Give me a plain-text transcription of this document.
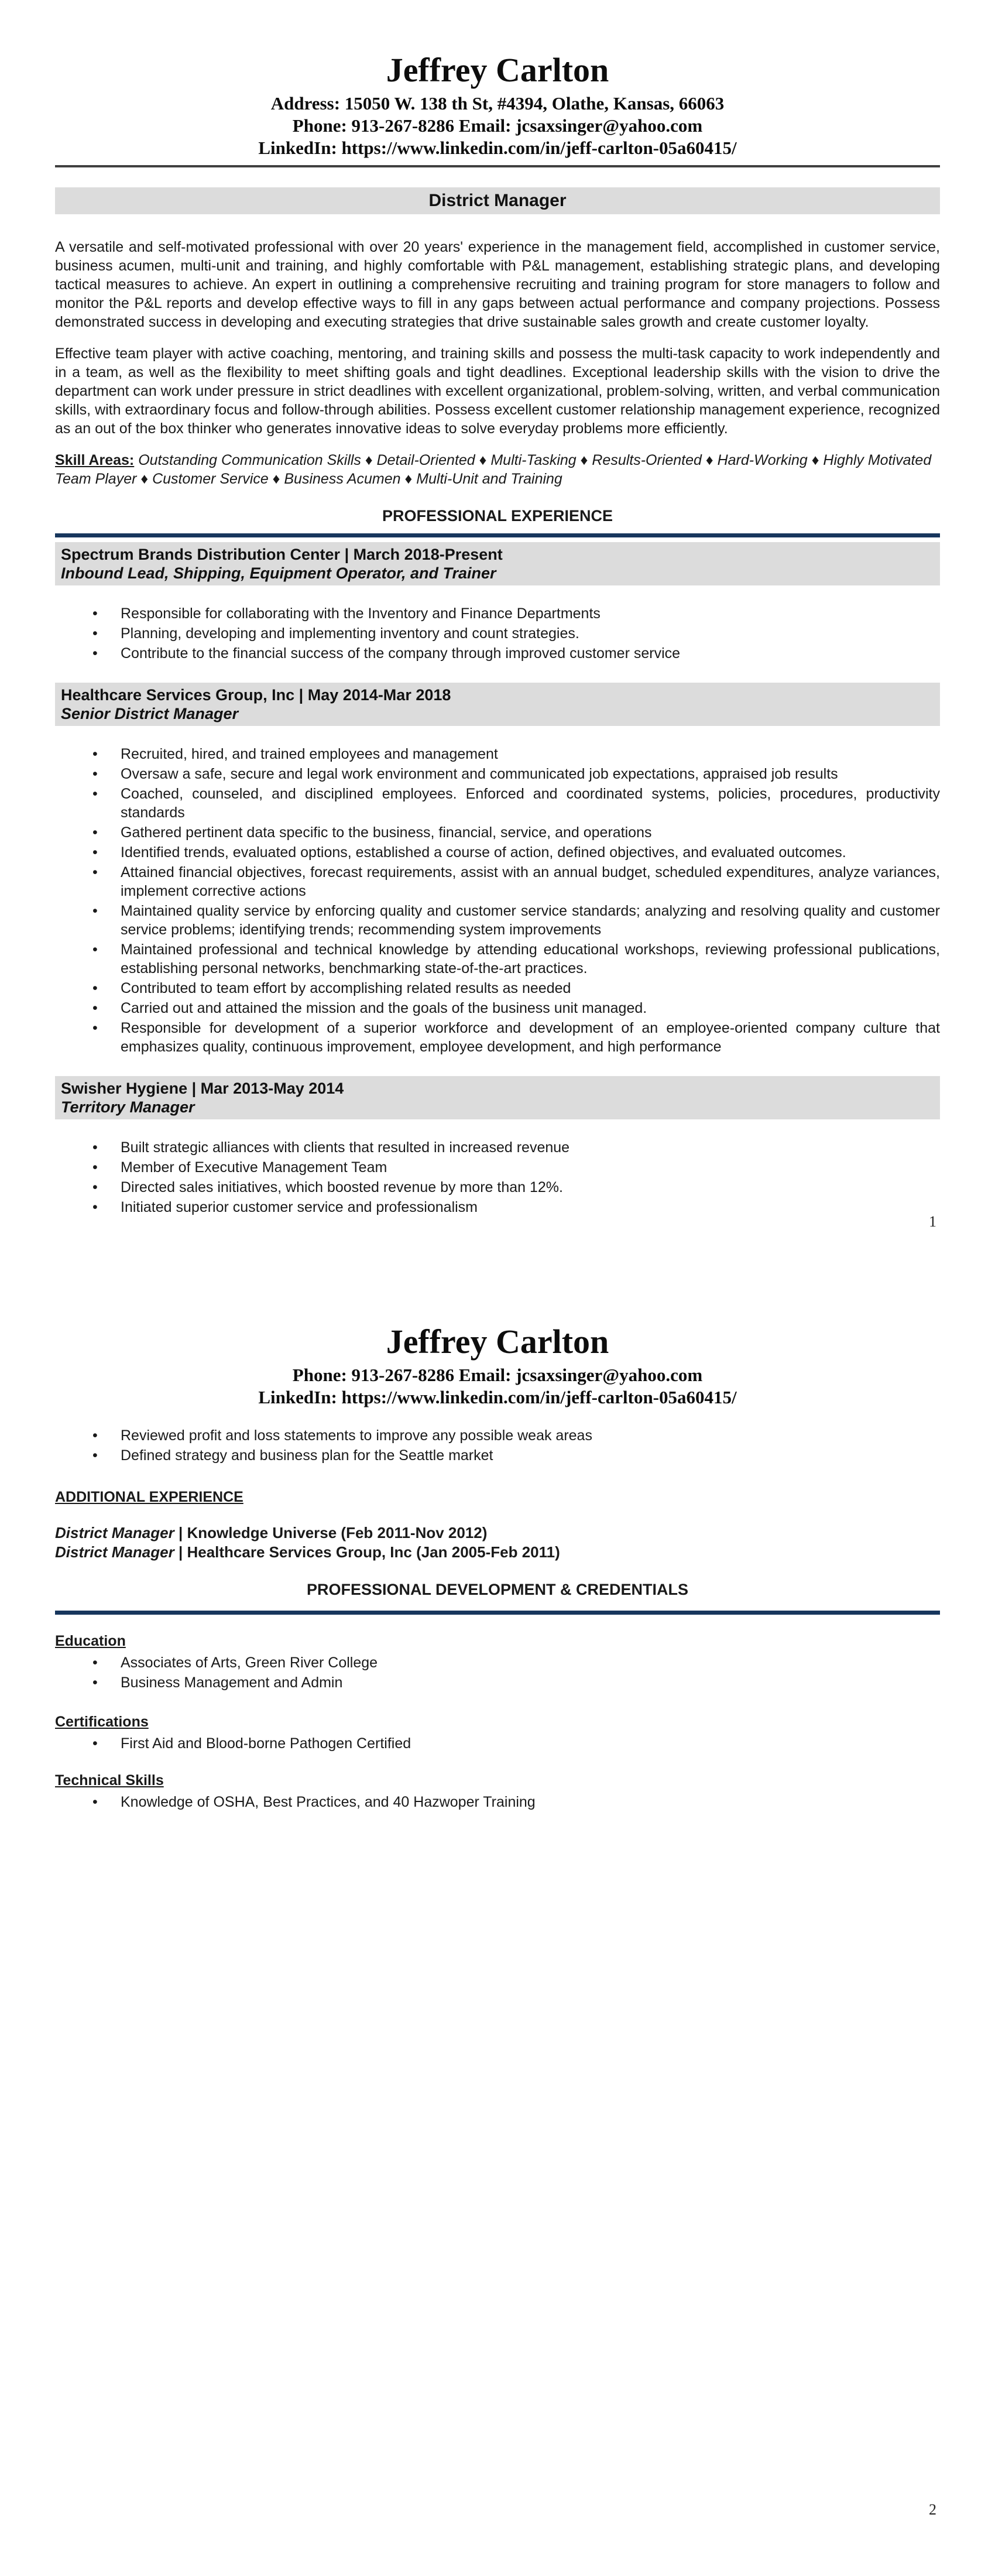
Jeffrey Carlton
Address: 15050 W. 138 th St, #4394, Olathe, Kansas, 66063
Phone: 913-267-8286 Email: jcsaxsinger@yahoo.com
LinkedIn: https://www.linkedin.com/in/jeff-carlton-05a60415/
District Manager

A versatile and self-motivated professional with over 20 years' experience in the management field, accomplished in customer service, business acumen, multi-unit and training, and highly comfortable with P&L management, establishing strategic plans, and developing tactical measures to achieve. An expert in outlining a comprehensive recruiting and training program for store managers to follow and monitor the P&L reports and develop effective ways to fill in any gaps between actual performance and company projections. Possess demonstrated success in developing and executing strategies that drive sustainable sales growth and create customer loyalty.

Effective team player with active coaching, mentoring, and training skills and possess the multi-task capacity to work independently and in a team, as well as the flexibility to meet shifting goals and tight deadlines. Exceptional leadership skills with the vision to drive the department can work under pressure in strict deadlines with excellent organizational, problem-solving, written, and verbal communication skills, with extraordinary focus and follow-through abilities. Possess excellent customer relationship management experience, recognized as an out of the box thinker who generates innovative ideas to solve everyday problems more efficiently.

Skill Areas: Outstanding Communication Skills ♦ Detail-Oriented ♦ Multi-Tasking ♦ Results-Oriented ♦ Hard-Working ♦ Highly Motivated Team Player ♦ Customer Service ♦ Business Acumen ♦ Multi-Unit and Training

PROFESSIONAL EXPERIENCE
Spectrum Brands Distribution Center | March 2018-Present
Inbound Lead, Shipping, Equipment Operator, and Trainer
• Responsible for collaborating with the Inventory and Finance Departments
• Planning, developing and implementing inventory and count strategies.
• Contribute to the financial success of the company through improved customer service
Healthcare Services Group, Inc | May 2014-Mar 2018
Senior District Manager
• Recruited, hired, and trained employees and management
• Oversaw a safe, secure and legal work environment and communicated job expectations, appraised job results
• Coached, counseled, and disciplined employees. Enforced and coordinated systems, policies, procedures, productivity standards
• Gathered pertinent data specific to the business, financial, service, and operations
• Identified trends, evaluated options, established a course of action, defined objectives, and evaluated outcomes.
• Attained financial objectives, forecast requirements, assist with an annual budget, scheduled expenditures, analyze variances, implement corrective actions
• Maintained quality service by enforcing quality and customer service standards; analyzing and resolving quality and customer service problems; identifying trends; recommending system improvements
• Maintained professional and technical knowledge by attending educational workshops, reviewing professional publications, establishing personal networks, benchmarking state-of-the-art practices.
• Contributed to team effort by accomplishing related results as needed
• Carried out and attained the mission and the goals of the business unit managed.
• Responsible for development of a superior workforce and development of an employee-oriented company culture that emphasizes quality, continuous improvement, employee development, and high performance
Swisher Hygiene | Mar 2013-May 2014
Territory Manager
• Built strategic alliances with clients that resulted in increased revenue
• Member of Executive Management Team
• Directed sales initiatives, which boosted revenue by more than 12%.
• Initiated superior customer service and professionalism
1
Jeffrey Carlton
Phone: 913-267-8286 Email: jcsaxsinger@yahoo.com
LinkedIn: https://www.linkedin.com/in/jeff-carlton-05a60415/
• Reviewed profit and loss statements to improve any possible weak areas
• Defined strategy and business plan for the Seattle market
ADDITIONAL EXPERIENCE
District Manager | Knowledge Universe (Feb 2011-Nov 2012)
District Manager | Healthcare Services Group, Inc (Jan 2005-Feb 2011)
PROFESSIONAL DEVELOPMENT & CREDENTIALS
Education
• Associates of Arts, Green River College
• Business Management and Admin
Certifications
• First Aid and Blood-borne Pathogen Certified
Technical Skills
• Knowledge of OSHA, Best Practices, and 40 Hazwoper Training
2
